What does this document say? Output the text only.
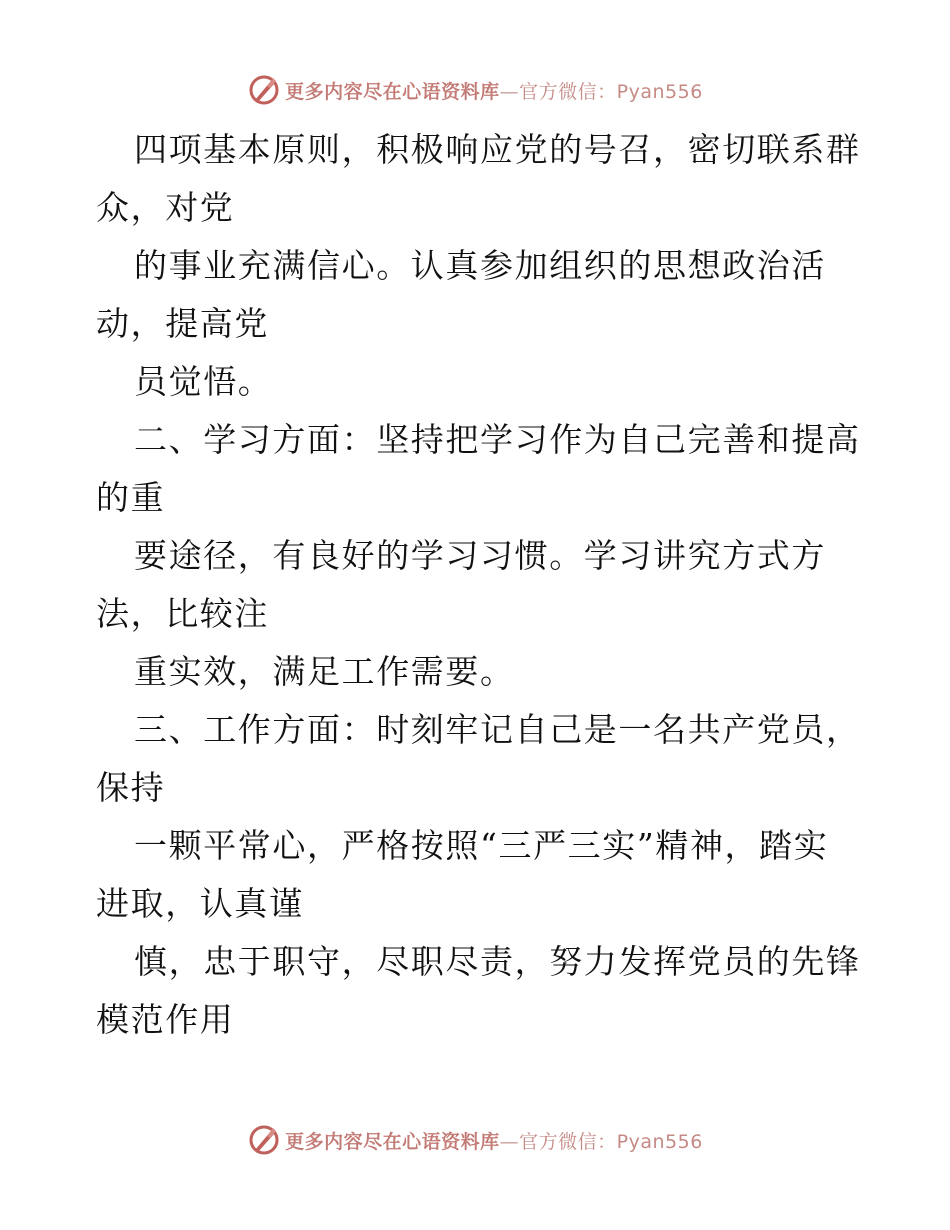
更多内容尽在心语资料库—官方微信：Pyan556
四项基本原则，积极响应党的号召，密切联系群
众，对党
的事业充满信心。认真参加组织的思想政治活
动，提高党
员觉悟。
二、学习方面：坚持把学习作为自己完善和提高
的重
要途径，有良好的学习习惯。学习讲究方式方
法，比较注
重实效，满足工作需要。
三、工作方面：时刻牢记自己是一名共产党员，
保持
一颗平常心，严格按照“三严三实”精神，踏实
进取，认真谨
慎，忠于职守，尽职尽责，努力发挥党员的先锋
模范作用
更多内容尽在心语资料库—官方微信：Pyan556
